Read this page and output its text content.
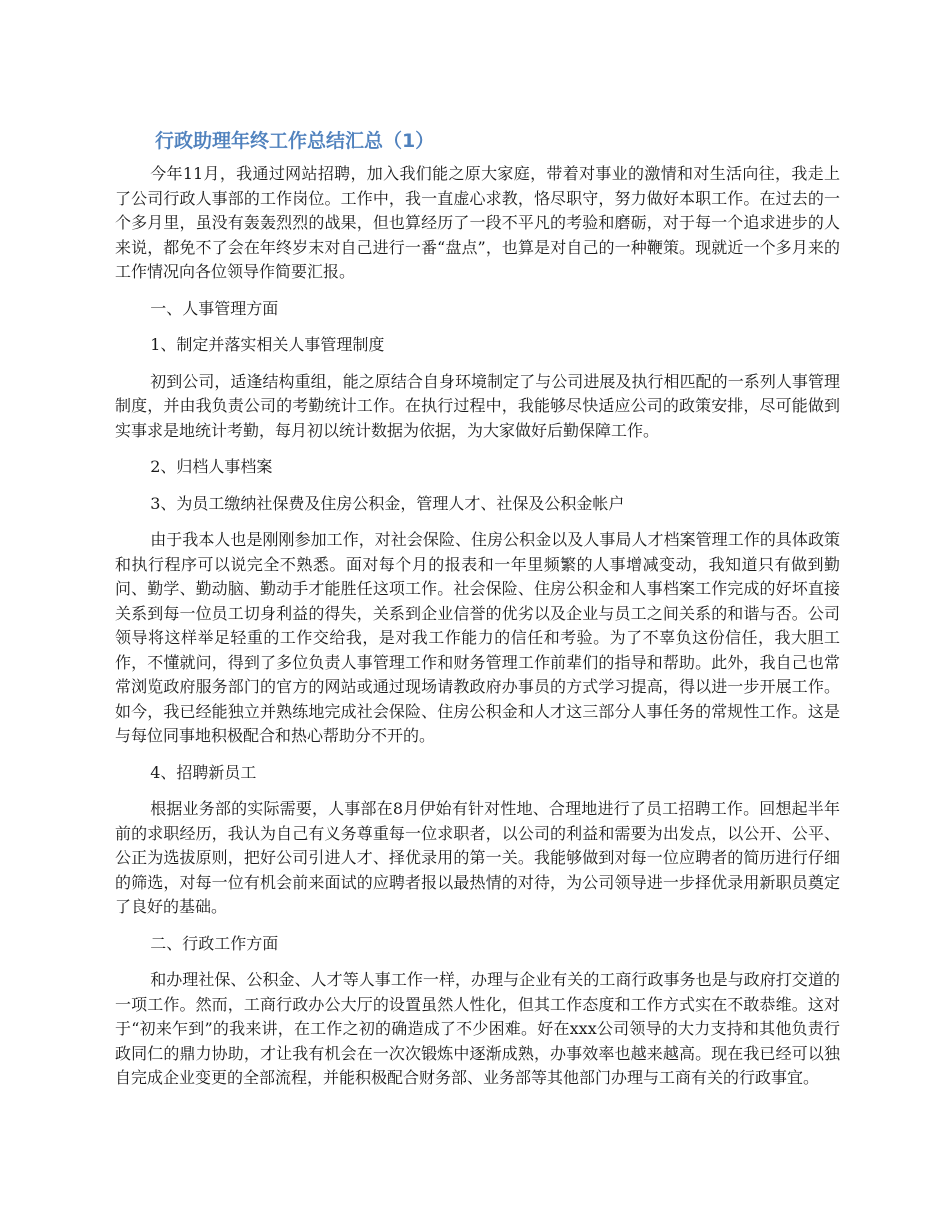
行政助理年终工作总结汇总（1）

今年11月，我通过网站招聘，加入我们能之原大家庭，带着对事业的激情和对生活向往，我走上了公司行政人事部的工作岗位。工作中，我一直虚心求教，恪尽职守，努力做好本职工作。在过去的一个多月里，虽没有轰轰烈烈的战果，但也算经历了一段不平凡的考验和磨砺，对于每一个追求进步的人来说，都免不了会在年终岁末对自己进行一番“盘点”，也算是对自己的一种鞭策。现就近一个多月来的工作情况向各位领导作简要汇报。

一、人事管理方面

1、制定并落实相关人事管理制度

初到公司，适逢结构重组，能之原结合自身环境制定了与公司进展及执行相匹配的一系列人事管理制度，并由我负责公司的考勤统计工作。在执行过程中，我能够尽快适应公司的政策安排，尽可能做到实事求是地统计考勤，每月初以统计数据为依据，为大家做好后勤保障工作。

2、归档人事档案

3、为员工缴纳社保费及住房公积金，管理人才、社保及公积金帐户

由于我本人也是刚刚参加工作，对社会保险、住房公积金以及人事局人才档案管理工作的具体政策和执行程序可以说完全不熟悉。面对每个月的报表和一年里频繁的人事增减变动，我知道只有做到勤问、勤学、勤动脑、勤动手才能胜任这项工作。社会保险、住房公积金和人事档案工作完成的好坏直接关系到每一位员工切身利益的得失，关系到企业信誉的优劣以及企业与员工之间关系的和谐与否。公司领导将这样举足轻重的工作交给我，是对我工作能力的信任和考验。为了不辜负这份信任，我大胆工作，不懂就问，得到了多位负责人事管理工作和财务管理工作前辈们的指导和帮助。此外，我自己也常常浏览政府服务部门的官方的网站或通过现场请教政府办事员的方式学习提高，得以进一步开展工作。如今，我已经能独立并熟练地完成社会保险、住房公积金和人才这三部分人事任务的常规性工作。这是与每位同事地积极配合和热心帮助分不开的。

4、招聘新员工

根据业务部的实际需要，人事部在8月伊始有针对性地、合理地进行了员工招聘工作。回想起半年前的求职经历，我认为自己有义务尊重每一位求职者，以公司的利益和需要为出发点，以公开、公平、公正为选拔原则，把好公司引进人才、择优录用的第一关。我能够做到对每一位应聘者的简历进行仔细的筛选，对每一位有机会前来面试的应聘者报以最热情的对待，为公司领导进一步择优录用新职员奠定了良好的基础。

二、行政工作方面

和办理社保、公积金、人才等人事工作一样，办理与企业有关的工商行政事务也是与政府打交道的一项工作。然而，工商行政办公大厅的设置虽然人性化，但其工作态度和工作方式实在不敢恭维。这对于“初来乍到”的我来讲，在工作之初的确造成了不少困难。好在xxx公司领导的大力支持和其他负责行政同仁的鼎力协助，才让我有机会在一次次锻炼中逐渐成熟，办事效率也越来越高。现在我已经可以独自完成企业变更的全部流程，并能积极配合财务部、业务部等其他部门办理与工商有关的行政事宜。
